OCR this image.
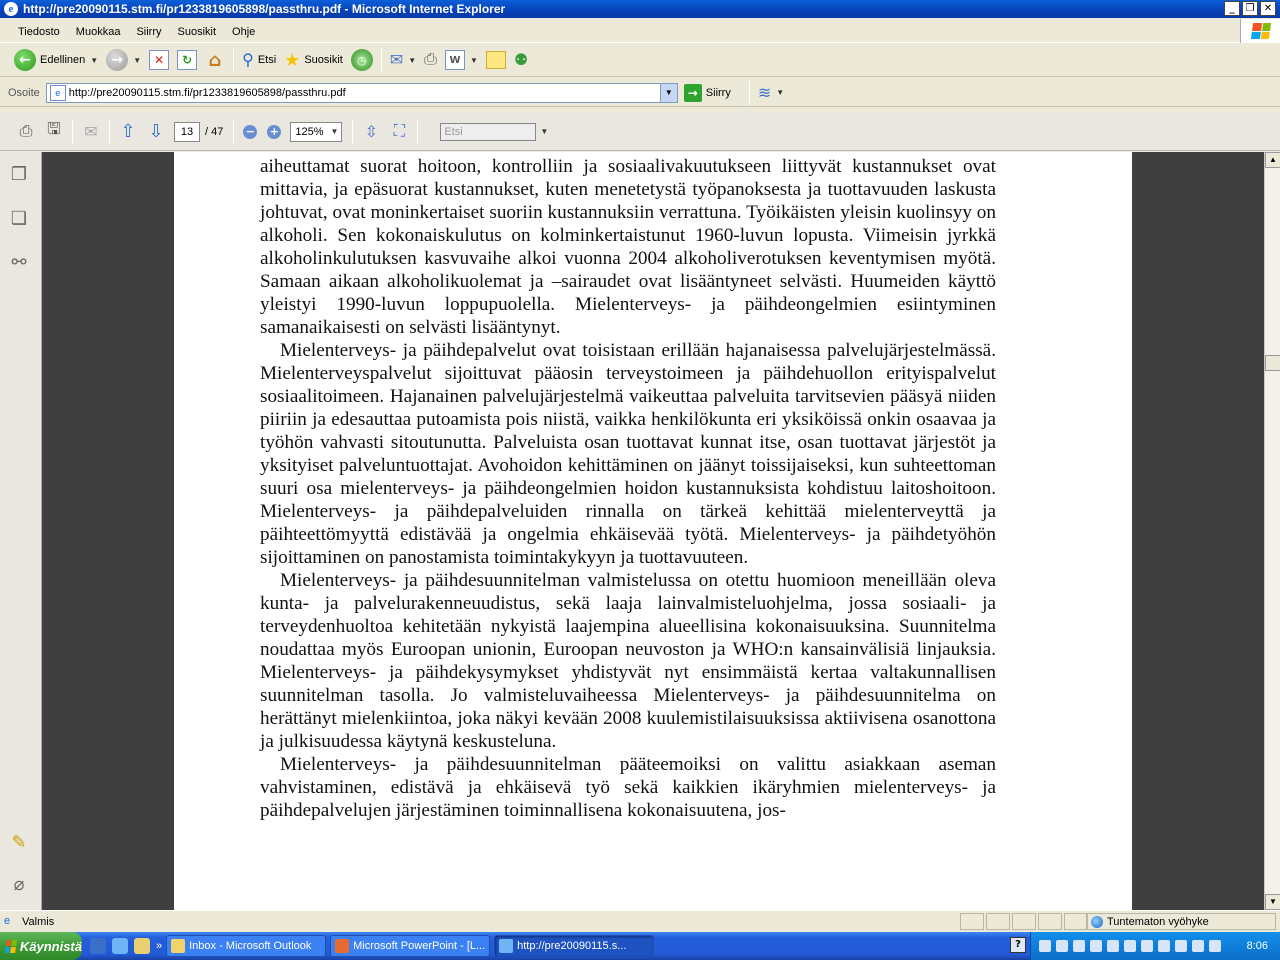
e http://pre20090115.stm.fi/pr1233819605898/passthru.pdf - Microsoft Internet Explorer	_	❐ ✕
Tiedosto	Muokkaa	Siirry	Suosikit	Ohje
← Edellinen ▼ →	▼	✕	↻ ⌂ ⚲ Etsi ★ Suosikit	◷	✉ ▼ ⎙	W	▼ ⚉
Osoite	e
http://pre20090115.stm.fi/pr1233819605898/passthru.pdf	▼	→ Siirry ≋ ▼
⎙ 🖫 ✉ ⇧ ⇩
13	/ 47 − + 125% ▼ ⇳ ⛶	Etsi	▼
❐
❏
⚯
✎
⌀

aiheuttamat suorat hoitoon, kontrolliin ja sosiaalivakuutukseen liittyvät kustannukset ovat mittavia, ja epäsuorat kustannukset, kuten menetetystä työpanoksesta ja tuottavuuden laskusta johtuvat, ovat moninkertaiset suoriin kustannuksiin verrattuna. Työikäisten yleisin kuolinsyy on alkoholi. Sen kokonaiskulutus on kolminkertaistunut 1960-luvun lopusta. Viimeisin jyrkkä alkoholinkulutuksen kasvuvaihe alkoi vuonna 2004 alkoholiverotuksen keventymisen myötä. Samaan aikaan alkoholikuolemat ja –sairaudet ovat lisääntyneet selvästi. Huumeiden käyttö yleistyi 1990-luvun loppupuolella. Mielenterveys- ja päihdeongelmien esiintyminen samanaikaisesti on selvästi lisääntynyt.

Mielenterveys- ja päihdepalvelut ovat toisistaan erillään hajanaisessa palvelujärjestelmässä. Mielenterveyspalvelut sijoittuvat pääosin terveystoimeen ja päihdehuollon erityispalvelut sosiaalitoimeen. Hajanainen palvelujärjestelmä vaikeuttaa palveluita tarvitsevien pääsyä niiden piiriin ja edesauttaa putoamista pois niistä, vaikka henkilökunta eri yksiköissä onkin osaavaa ja työhön vahvasti sitoutunutta. Palveluista osan tuottavat kunnat itse, osan tuottavat järjestöt ja yksityiset palveluntuottajat. Avohoidon kehittäminen on jäänyt toissijaiseksi, kun suhteettoman suuri osa mielenterveys- ja päihdeongelmien hoidon kustannuksista kohdistuu laitoshoitoon. Mielenterveys- ja päihdepalveluiden rinnalla on tärkeä kehittää mielenterveyttä ja päihteettömyyttä edistävää ja ongelmia ehkäisevää työtä. Mielenterveys- ja päihdetyöhön sijoittaminen on panostamista toimintakykyyn ja tuottavuuteen.

Mielenterveys- ja päihdesuunnitelman valmistelussa on otettu huomioon meneillään oleva kunta- ja palvelurakenneuudistus, sekä laaja lainvalmisteluohjelma, jossa sosiaali- ja terveydenhuoltoa kehitetään nykyistä laajempina alueellisina kokonaisuuksina. Suunnitelma noudattaa myös Euroopan unionin, Euroopan neuvoston ja WHO:n kansainvälisiä linjauksia. Mielenterveys- ja päihdekysymykset yhdistyvät nyt ensimmäistä kertaa valtakunnallisen suunnitelman tasolla. Jo valmisteluvaiheessa Mielenterveys- ja päihdesuunnitelma on herättänyt mielenkiintoa, joka näkyi kevään 2008 kuulemistilaisuuksissa aktiivisena osanottona ja julkisuudessa käytynä keskusteluna.

Mielenterveys- ja päihdesuunnitelman pääteemoiksi on valittu asiakkaan aseman vahvistaminen, edistävä ja ehkäisevä työ sekä kaikkien ikäryhmien mielenterveys- ja päihdepalvelujen järjestäminen toiminnallisena kokonaisuutena, jos-

▲
▼
e Valmis	Tuntematon vyöhyke
Käynnistä	» Inbox - Microsoft Outlook	Microsoft PowerPoint - [L...	http://pre20090115.s...	?	8:06
